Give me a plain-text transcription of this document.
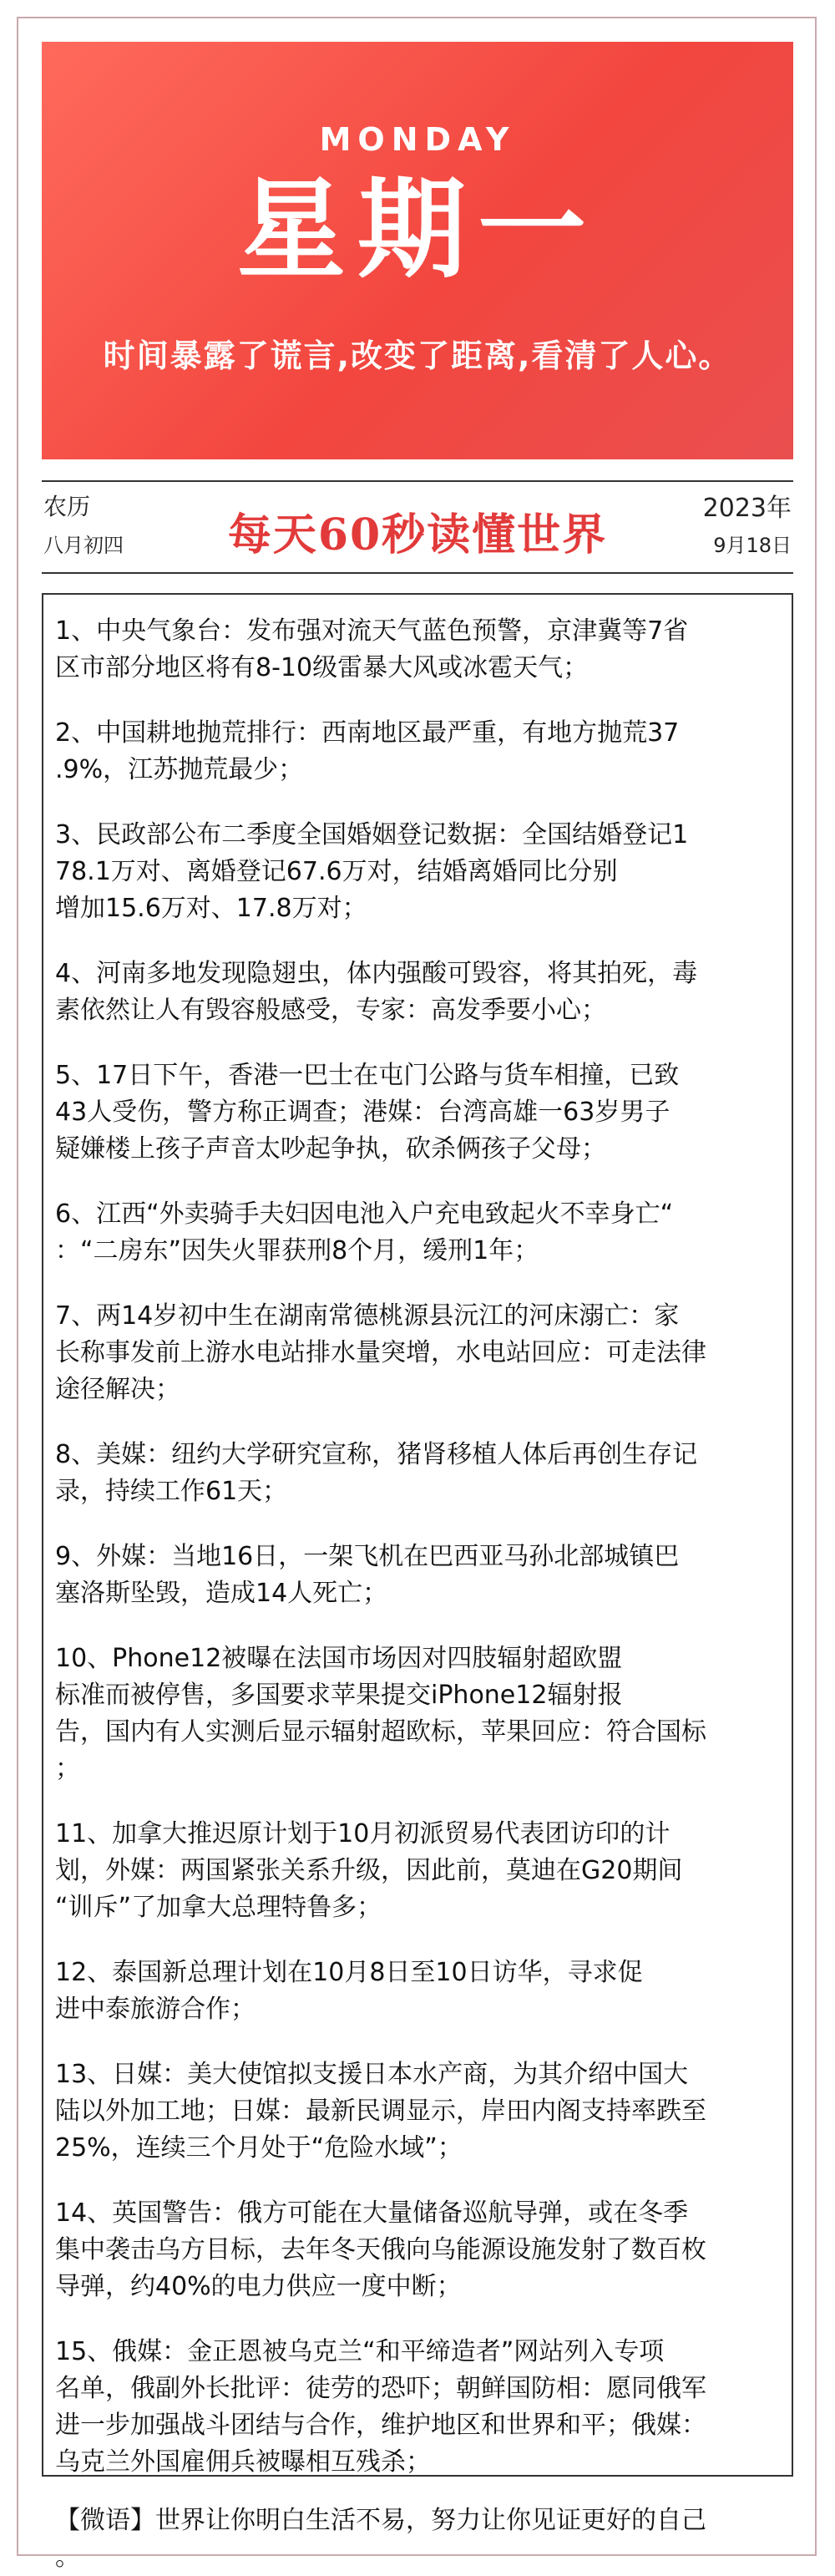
MONDAY
星期一
时间暴露了谎言,改变了距离,看清了人心。
农历
八月初四	每天60秒读懂世界
2023年
9月18日
1、中央气象台：发布强对流天气蓝色预警，京津冀等7省
区市部分地区将有8-10级雷暴大风或冰雹天气；
2、中国耕地抛荒排行：西南地区最严重，有地方抛荒37
.9%，江苏抛荒最少；
3、民政部公布二季度全国婚姻登记数据：全国结婚登记1
78.1万对、离婚登记67.6万对，结婚离婚同比分别
增加15.6万对、17.8万对；
4、河南多地发现隐翅虫，体内强酸可毁容，将其拍死，毒
素依然让人有毁容般感受，专家：高发季要小心；
5、17日下午，香港一巴士在屯门公路与货车相撞，已致
43人受伤，警方称正调查；港媒：台湾高雄一63岁男子
疑嫌楼上孩子声音太吵起争执，砍杀俩孩子父母；
6、江西“外卖骑手夫妇因电池入户充电致起火不幸身亡“
：“二房东”因失火罪获刑8个月，缓刑1年；
7、两14岁初中生在湖南常德桃源县沅江的河床溺亡：家
长称事发前上游水电站排水量突增，水电站回应：可走法律
途径解决；
8、美媒：纽约大学研究宣称，猪肾移植人体后再创生存记
录，持续工作61天；
9、外媒：当地16日，一架飞机在巴西亚马孙北部城镇巴
塞洛斯坠毁，造成14人死亡；
10、Phone12被曝在法国市场因对四肢辐射超欧盟
标准而被停售，多国要求苹果提交iPhone12辐射报
告，国内有人实测后显示辐射超欧标，苹果回应：符合国标
；
11、加拿大推迟原计划于10月初派贸易代表团访印的计
划，外媒：两国紧张关系升级，因此前，莫迪在G20期间
“训斥”了加拿大总理特鲁多；
12、泰国新总理计划在10月8日至10日访华，寻求促
进中泰旅游合作；
13、日媒：美大使馆拟支援日本水产商，为其介绍中国大
陆以外加工地；日媒：最新民调显示，岸田内阁支持率跌至
25%，连续三个月处于“危险水域”；
14、英国警告：俄方可能在大量储备巡航导弹，或在冬季
集中袭击乌方目标，去年冬天俄向乌能源设施发射了数百枚
导弹，约40%的电力供应一度中断；
15、俄媒：金正恩被乌克兰“和平缔造者”网站列入专项
名单，俄副外长批评：徒劳的恐吓；朝鲜国防相：愿同俄军
进一步加强战斗团结与合作，维护地区和世界和平；俄媒：
乌克兰外国雇佣兵被曝相互残杀；
【微语】世界让你明白生活不易，努力让你见证更好的自己
。
